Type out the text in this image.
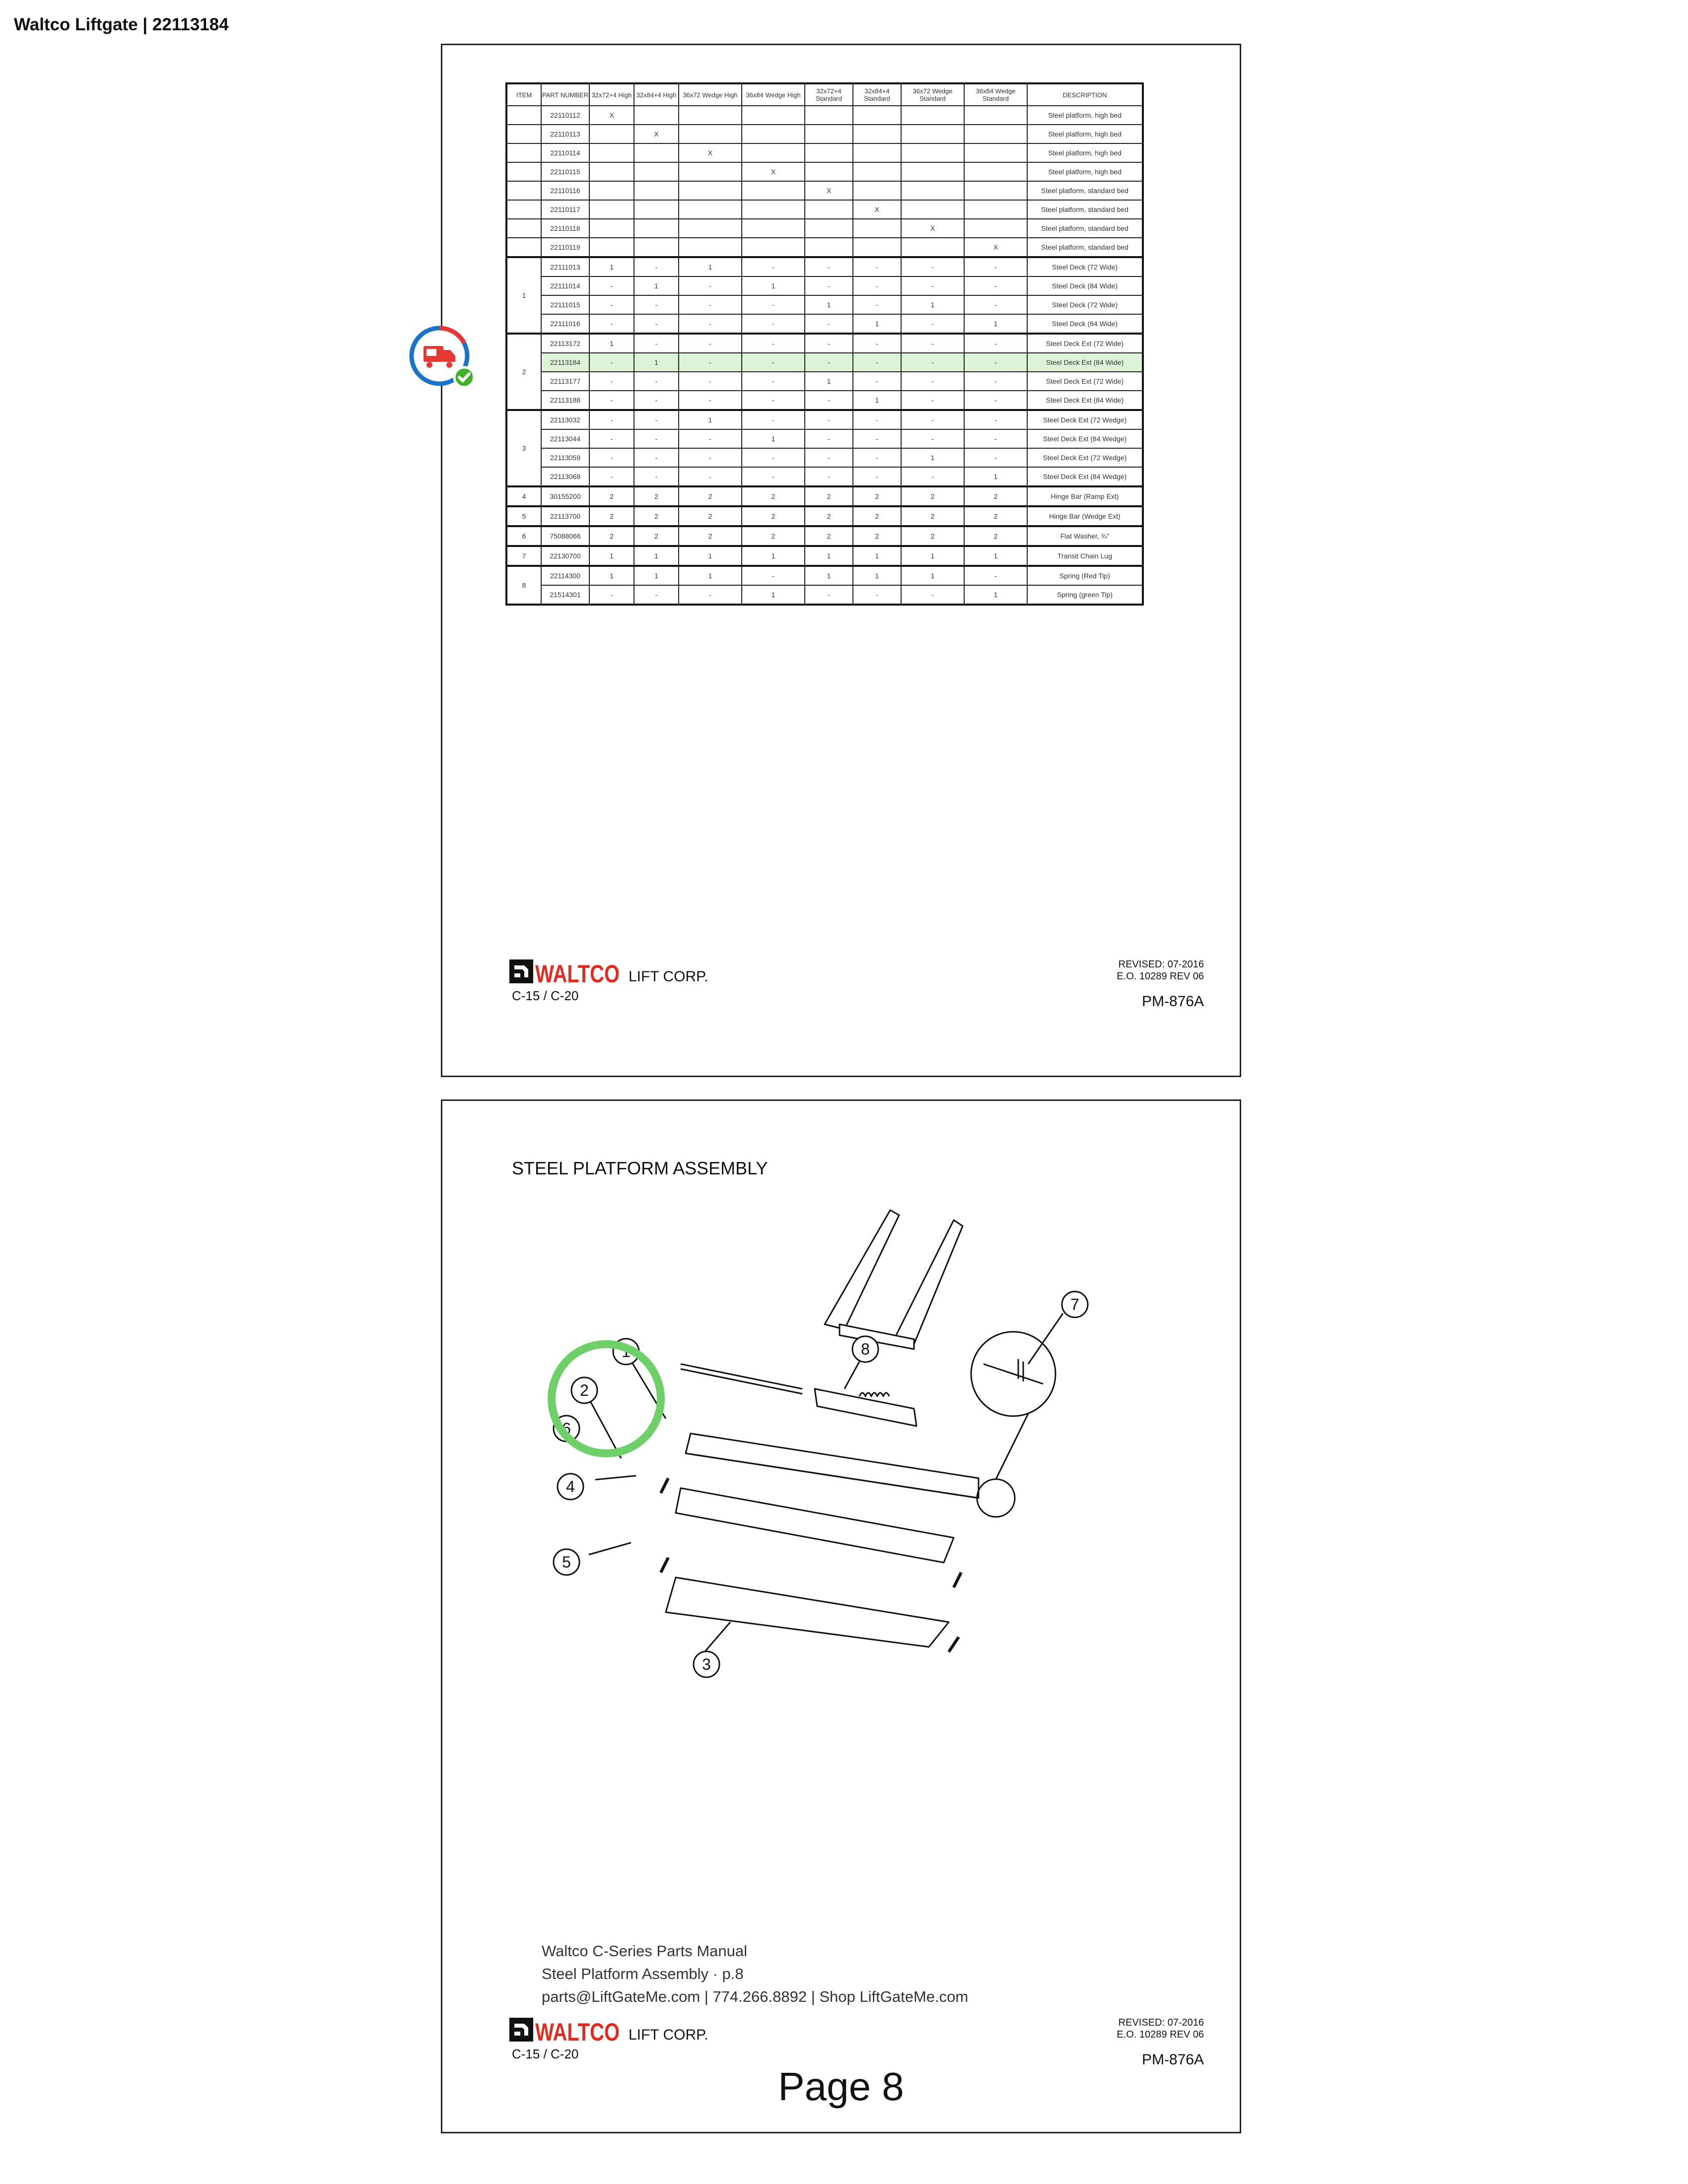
Waltco Liftgate | 22113184
ITEM	PART NUMBER	32x72+4 High	32x84+4 High	36x72 Wedge High	36x84 Wedge High	32x72+4 Standard	32x84+4 Standard	36x72 Wedge Standard	36x84 Wedge Standard	DESCRIPTION
	22110112	X								Steel platform, high bed
	22110113		X							Steel platform, high bed
	22110114			X						Steel platform, high bed
	22110115				X					Steel platform, high bed
	22110116					X				Steel platform, standard bed
	22110117						X			Steel platform, standard bed
	22110118							X		Steel platform, standard bed
	22110119								X	Steel platform, standard bed
1	22111013	1	-	1	-	-	-	-	-	Steel Deck (72 Wide)
	22111014	-	1	-	1	-	-	-	-	Steel Deck (84 Wide)
	22111015	-	-	-	-	1	-	1	-	Steel Deck (72 Wide)
	22111016	-	-	-	-	-	1	-	1	Steel Deck (84 Wide)
2	22113172	1	-	-	-	-	-	-	-	Steel Deck Ext (72 Wide)
	22113184	-	1	-	-	-	-	-	-	Steel Deck Ext (84 Wide)
	22113177	-	-	-	-	1	-	-	-	Steel Deck Ext (72 Wide)
	22113188	-	-	-	-	-	1	-	-	Steel Deck Ext (84 Wide)
3	22113032	-	-	1	-	-	-	-	-	Steel Deck Ext (72 Wedge)
	22113044	-	-	-	1	-	-	-	-	Steel Deck Ext (84 Wedge)
	22113059	-	-	-	-	-	-	1	-	Steel Deck Ext (72 Wedge)
	22113068	-	-	-	-	-	-	-	1	Steel Deck Ext (84 Wedge)
4	30155200	2	2	2	2	2	2	2	2	Hinge Bar (Ramp Ext)
5	22113700	2	2	2	2	2	2	2	2	Hinge Bar (Wedge Ext)
6	75088066	2	2	2	2	2	2	2	2	Flat Washer, ¾"
7	22130700	1	1	1	1	1	1	1	1	Transit Chain Lug
8	22114300	1	1	1	-	1	1	1	-	Spring (Red Tip)
	21514301	-	-	-	1	-	-	-	1	Spring (green Tip)
WALTCO LIFT CORP.
C-15 / C-20
REVISED: 07-2016
E.O. 10289 REV 06
PM-876A
STEEL PLATFORM ASSEMBLY
1
2
3
4
5
6
7
8
Waltco C-Series Parts Manual
Steel Platform Assembly · p.8
parts@LiftGateMe.com | 774.266.8892 | Shop LiftGateMe.com
WALTCO LIFT CORP.
C-15 / C-20
REVISED: 07-2016
E.O. 10289 REV 06
PM-876A
Page 8
